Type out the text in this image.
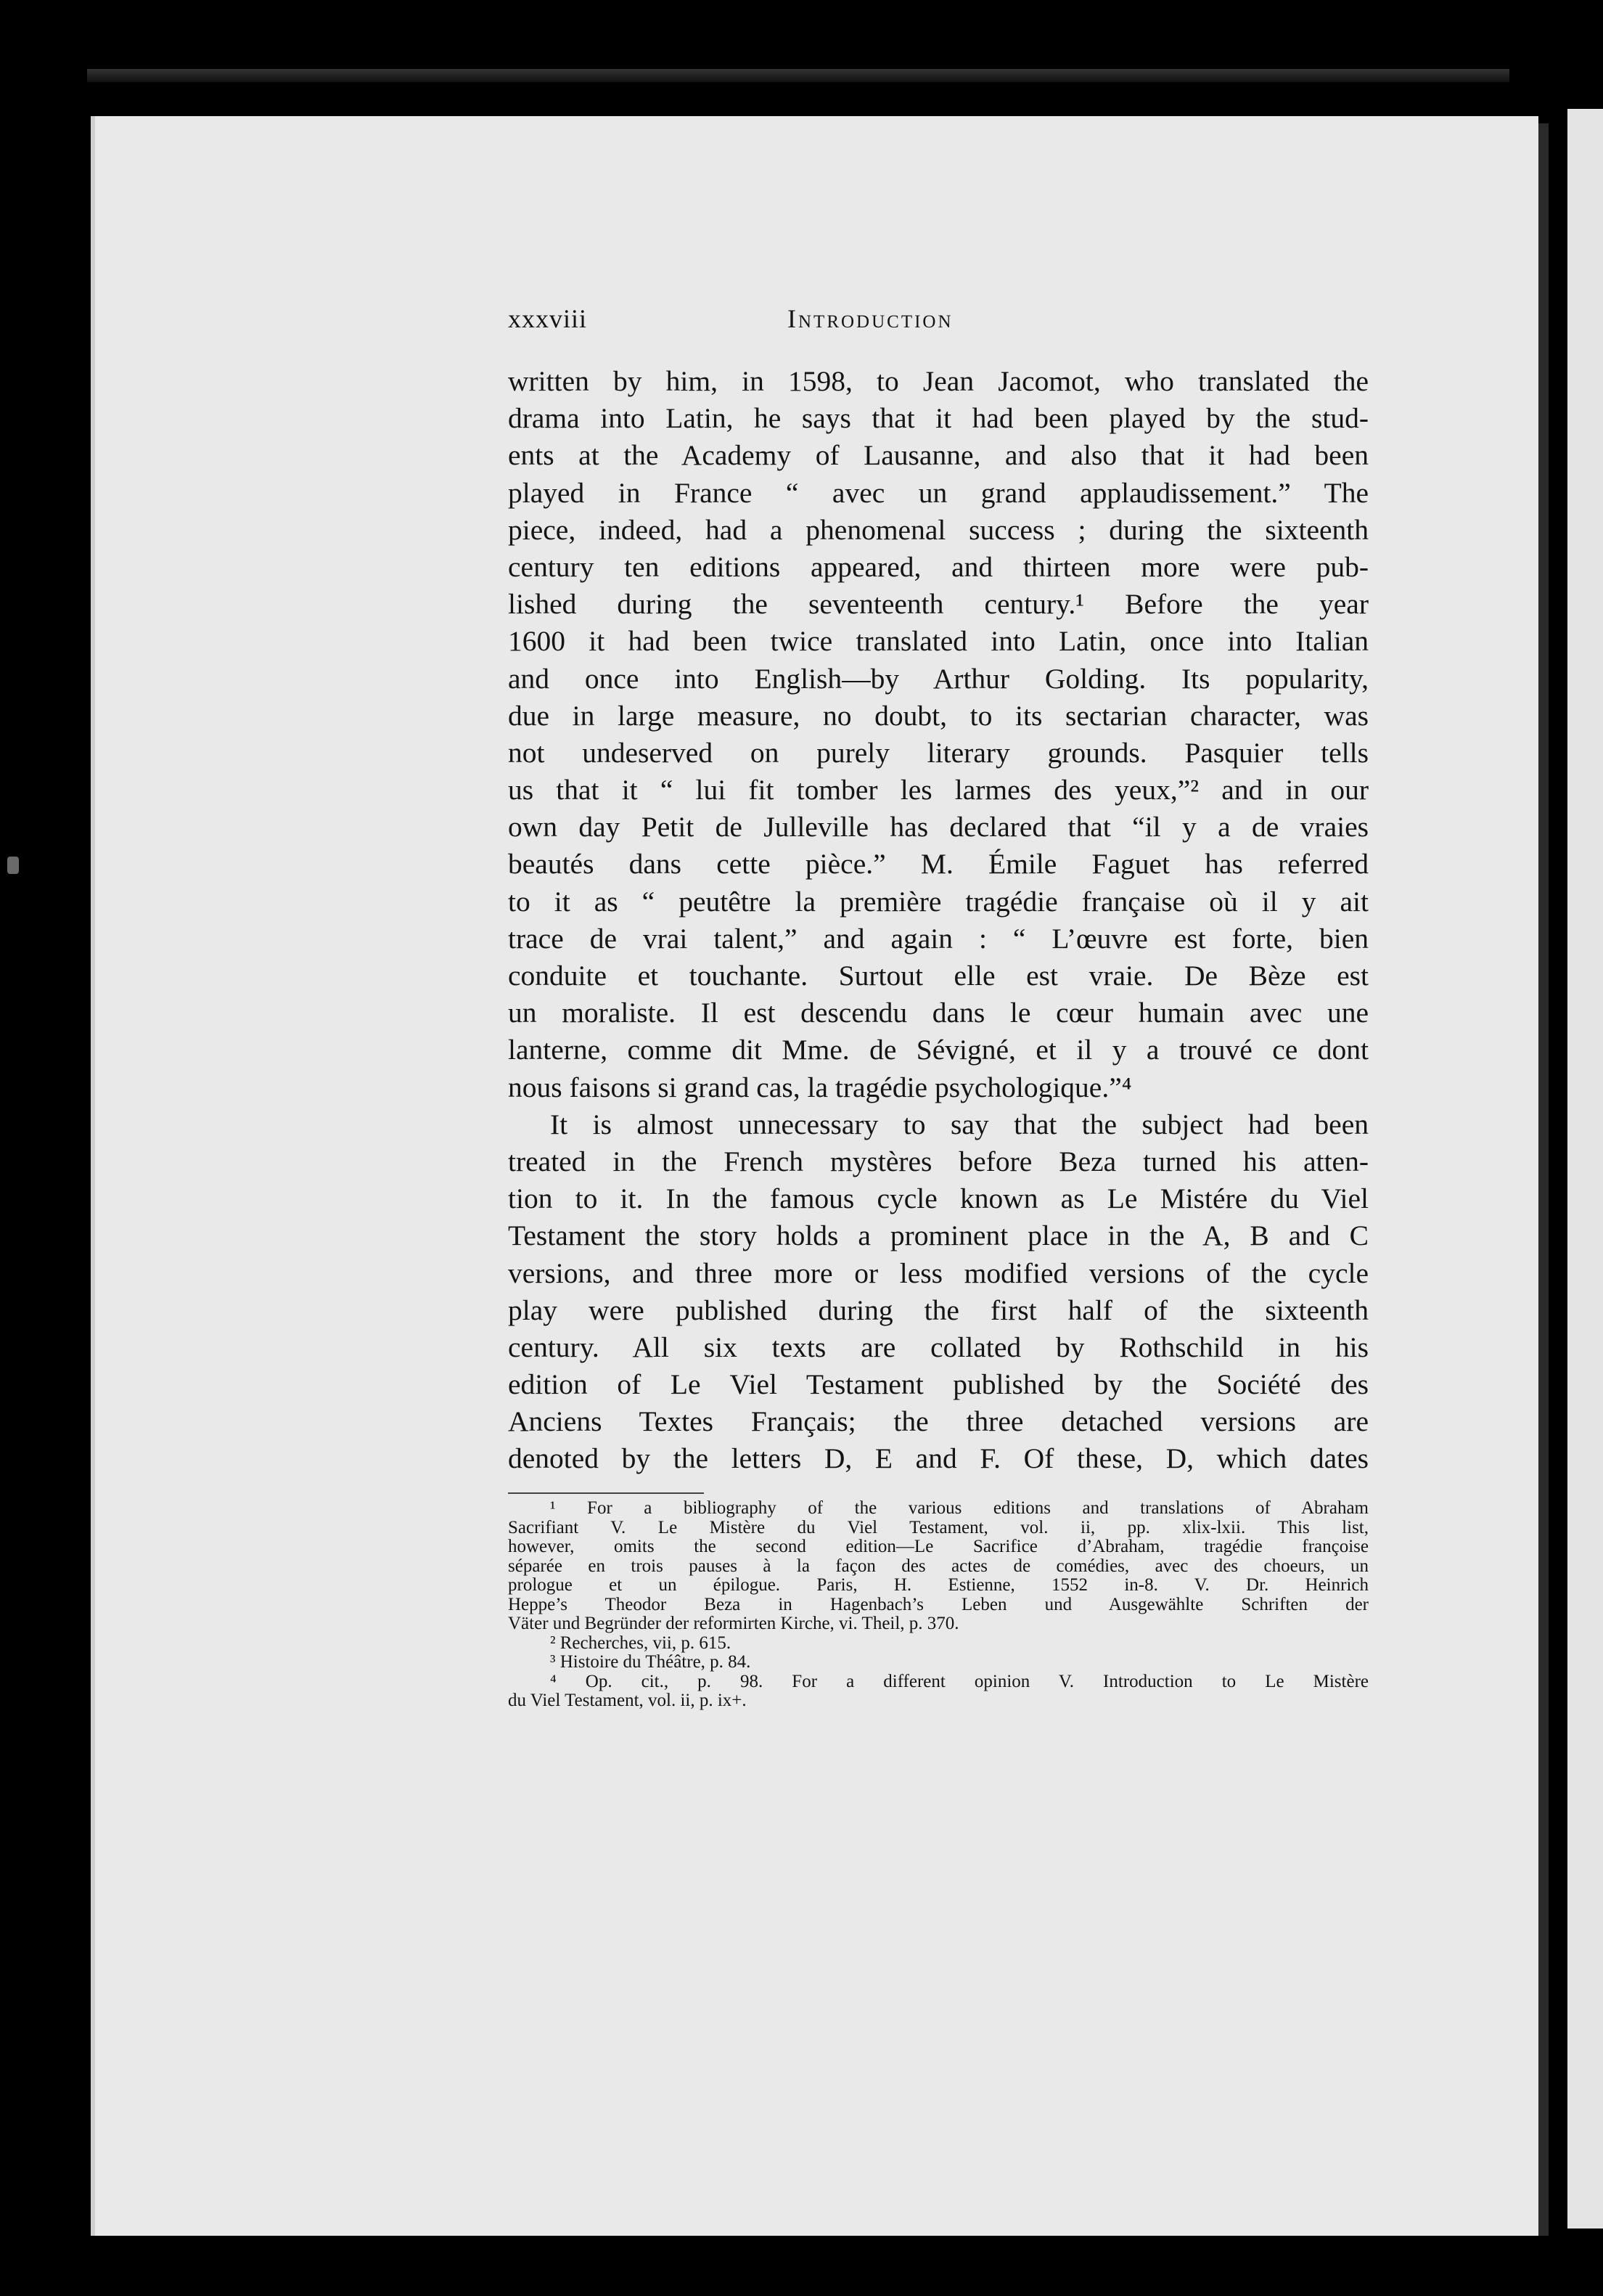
xxxviii	Introduction
written by him, in 1598, to Jean Jacomot, who translated the
drama into Latin, he says that it had been played by the stud-
ents at the Academy of Lausanne, and also that it had been
played in France “ avec un grand applaudissement.” The
piece, indeed, had a phenomenal success ; during the sixteenth
century ten editions appeared, and thirteen more were pub-
lished during the seventeenth century.¹ Before the year
1600 it had been twice translated into Latin, once into Italian
and once into English—by Arthur Golding. Its popularity,
due in large measure, no doubt, to its sectarian character, was
not undeserved on purely literary grounds. Pasquier tells
us that it “ lui fit tomber les larmes des yeux,”² and in our
own day Petit de Julleville has declared that “il y a de vraies
beautés dans cette pièce.” M. Émile Faguet has referred
to it as “ peutêtre la première tragédie française où il y ait
trace de vrai talent,” and again : “ L’œuvre est forte, bien
conduite et touchante. Surtout elle est vraie. De Bèze est
un moraliste. Il est descendu dans le cœur humain avec une
lanterne, comme dit Mme. de Sévigné, et il y a trouvé ce dont
nous faisons si grand cas, la tragédie psychologique.”⁴
It is almost unnecessary to say that the subject had been
treated in the French mystères before Beza turned his atten-
tion to it. In the famous cycle known as Le Mistére du Viel
Testament the story holds a prominent place in the A, B and C
versions, and three more or less modified versions of the cycle
play were published during the first half of the sixteenth
century. All six texts are collated by Rothschild in his
edition of Le Viel Testament published by the Société des
Anciens Textes Français; the three detached versions are
denoted by the letters D, E and F. Of these, D, which dates
¹ For a bibliography of the various editions and translations of Abraham
Sacrifiant V. Le Mistère du Viel Testament, vol. ii, pp. xlix-lxii. This list,
however, omits the second edition—Le Sacrifice d’Abraham, tragédie françoise
séparée en trois pauses à la façon des actes de comédies, avec des choeurs, un
prologue et un épilogue. Paris, H. Estienne, 1552 in-8. V. Dr. Heinrich
Heppe’s Theodor Beza in Hagenbach’s Leben und Ausgewählte Schriften der
Väter und Begründer der reformirten Kirche, vi. Theil, p. 370.
² Recherches, vii, p. 615.
³ Histoire du Théâtre, p. 84.
⁴ Op. cit., p. 98. For a different opinion V. Introduction to Le Mistère
du Viel Testament, vol. ii, p. ix+.
